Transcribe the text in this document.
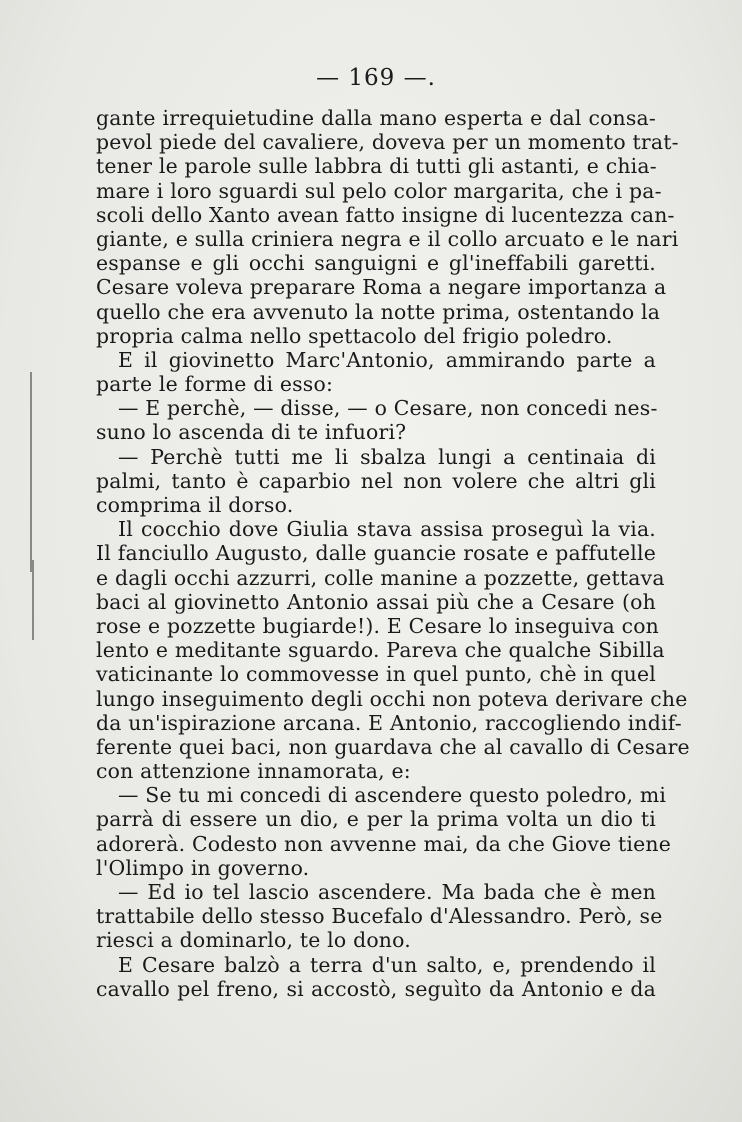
— 169 —.
gante irrequietudine dalla mano esperta e dal consa-
pevol piede del cavaliere, doveva per un momento trat-
tener le parole sulle labbra di tutti gli astanti, e chia-
mare i loro sguardi sul pelo color margarita, che i pa-
scoli dello Xanto avean fatto insigne di lucentezza can-
giante, e sulla criniera negra e il collo arcuato e le nari
espanse e gli occhi sanguigni e gl'ineffabili garetti.
Cesare voleva preparare Roma a negare importanza a
quello che era avvenuto la notte prima, ostentando la
propria calma nello spettacolo del frigio poledro.
E il giovinetto Marc'Antonio, ammirando parte a
parte le forme di esso:
— E perchè, — disse, — o Cesare, non concedi nes-
suno lo ascenda di te infuori?
— Perchè tutti me li sbalza lungi a centinaia di
palmi, tanto è caparbio nel non volere che altri gli
comprima il dorso.
Il cocchio dove Giulia stava assisa proseguì la via.
Il fanciullo Augusto, dalle guancie rosate e paffutelle
e dagli occhi azzurri, colle manine a pozzette, gettava
baci al giovinetto Antonio assai più che a Cesare (oh
rose e pozzette bugiarde!). E Cesare lo inseguiva con
lento e meditante sguardo. Pareva che qualche Sibilla
vaticinante lo commovesse in quel punto, chè in quel
lungo inseguimento degli occhi non poteva derivare che
da un'ispirazione arcana. E Antonio, raccogliendo indif-
ferente quei baci, non guardava che al cavallo di Cesare
con attenzione innamorata, e:
— Se tu mi concedi di ascendere questo poledro, mi
parrà di essere un dio, e per la prima volta un dio ti
adorerà. Codesto non avvenne mai, da che Giove tiene
l'Olimpo in governo.
— Ed io tel lascio ascendere. Ma bada che è men
trattabile dello stesso Bucefalo d'Alessandro. Però, se
riesci a dominarlo, te lo dono.
E Cesare balzò a terra d'un salto, e, prendendo il
cavallo pel freno, si accostò, seguìto da Antonio e da
